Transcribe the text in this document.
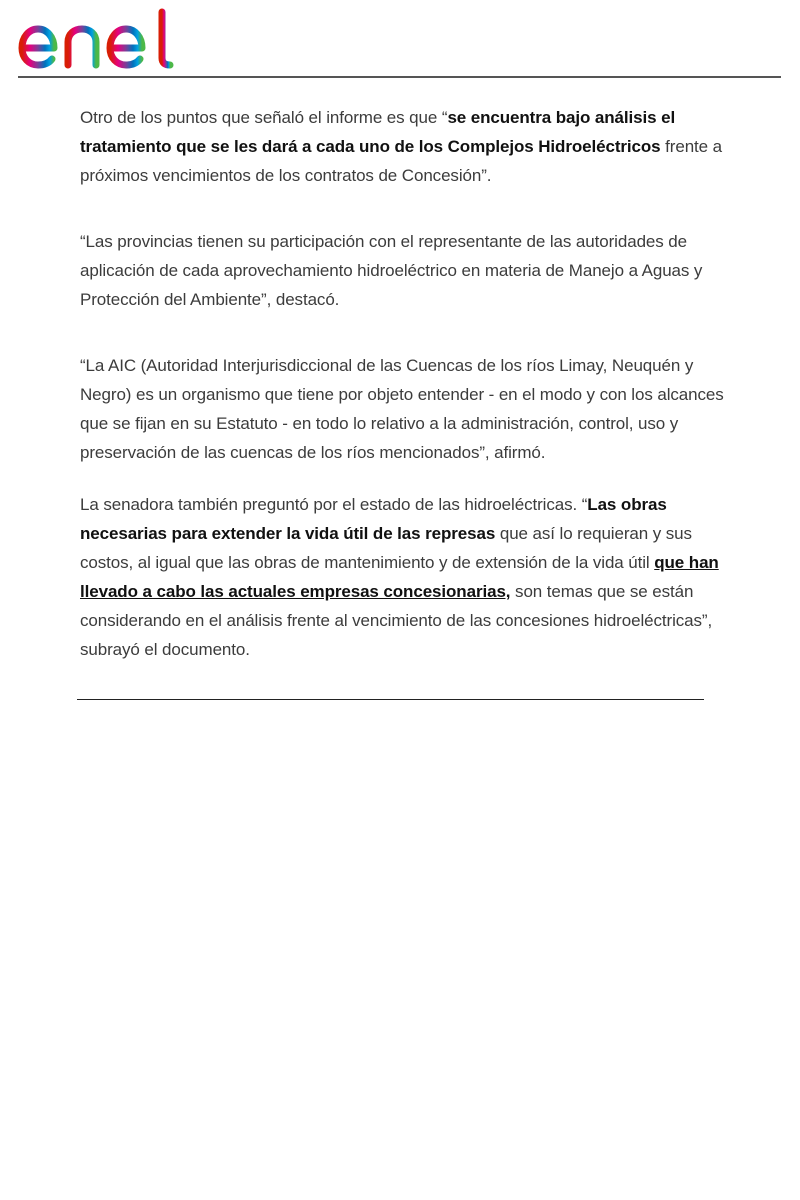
Otro de los puntos que señaló el informe es que “se encuentra bajo análisis el tratamiento que se les dará a cada uno de los Complejos Hidroeléctricos frente a próximos vencimientos de los contratos de Concesión”.

“Las provincias tienen su participación con el representante de las autoridades de aplicación de cada aprovechamiento hidroeléctrico en materia de Manejo a Aguas y Protección del Ambiente”, destacó.

“La AIC (Autoridad Interjurisdiccional de las Cuencas de los ríos Limay, Neuquén y Negro) es un organismo que tiene por objeto entender - en el modo y con los alcances que se fijan en su Estatuto - en todo lo relativo a la administración, control, uso y preservación de las cuencas de los ríos mencionados”, afirmó.

La senadora también preguntó por el estado de las hidroeléctricas. “Las obras necesarias para extender la vida útil de las represas que así lo requieran y sus costos, al igual que las obras de mantenimiento y de extensión de la vida útil que han llevado a cabo las actuales empresas concesionarias, son temas que se están considerando en el análisis frente al vencimiento de las concesiones hidroeléctricas”, subrayó el documento.
